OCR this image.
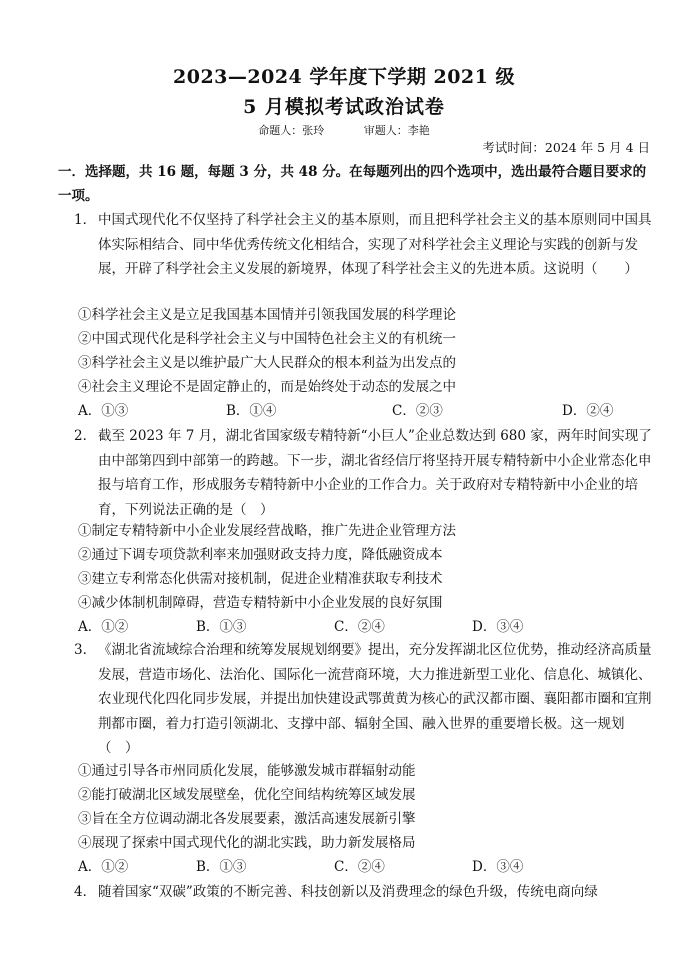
2023—2024 学年度下学期 2021 级
5 月模拟考试政治试卷
命题人：张玲	审题人：李艳
考试时间：2024 年 5 月 4 日
一．选择题，共 16 题，每题 3 分，共 48 分。在每题列出的四个选项中，选出最符合题目要求的一项。
1． 中国式现代化不仅坚持了科学社会主义的基本原则，而且把科学社会主义的基本原则同中国具体实际相结合、同中华优秀传统文化相结合，实现了对科学社会主义理论与实践的创新与发展，开辟了科学社会主义发展的新境界，体现了科学社会主义的先进本质。这说明（　　）
①科学社会主义是立足我国基本国情并引领我国发展的科学理论
②中国式现代化是科学社会主义与中国特色社会主义的有机统一
③科学社会主义是以维护最广大人民群众的根本利益为出发点的
④社会主义理论不是固定静止的，而是始终处于动态的发展之中
A．①③	B．①④	C．②③	D．②④
2． 截至 2023 年 7 月，湖北省国家级专精特新“小巨人”企业总数达到 680 家，两年时间实现了由中部第四到中部第一的跨越。下一步，湖北省经信厅将坚持开展专精特新中小企业常态化申报与培育工作，形成服务专精特新中小企业的工作合力。关于政府对专精特新中小企业的培育，下列说法正确的是（　）
①制定专精特新中小企业发展经营战略，推广先进企业管理方法
②通过下调专项贷款利率来加强财政支持力度，降低融资成本
③建立专利常态化供需对接机制，促进企业精准获取专利技术
④减少体制机制障碍，营造专精特新中小企业发展的良好氛围
A．①②	B．①③	C．②④	D．③④
3． 《湖北省流域综合治理和统筹发展规划纲要》提出，充分发挥湖北区位优势，推动经济高质量发展，营造市场化、法治化、国际化一流营商环境，大力推进新型工业化、信息化、城镇化、农业现代化四化同步发展，并提出加快建设武鄂黄黄为核心的武汉都市圈、襄阳都市圈和宜荆荆都市圈，着力打造引领湖北、支撑中部、辐射全国、融入世界的重要增长极。这一规划（　）
①通过引导各市州同质化发展，能够激发城市群辐射动能
②能打破湖北区域发展壁垒，优化空间结构统筹区域发展
③旨在全方位调动湖北各发展要素，激活高速发展新引擎
④展现了探索中国式现代化的湖北实践，助力新发展格局
A．①②	B．①③	C．②④	D．③④
4． 随着国家“双碳”政策的不断完善、科技创新以及消费理念的绿色升级，传统电商向绿
